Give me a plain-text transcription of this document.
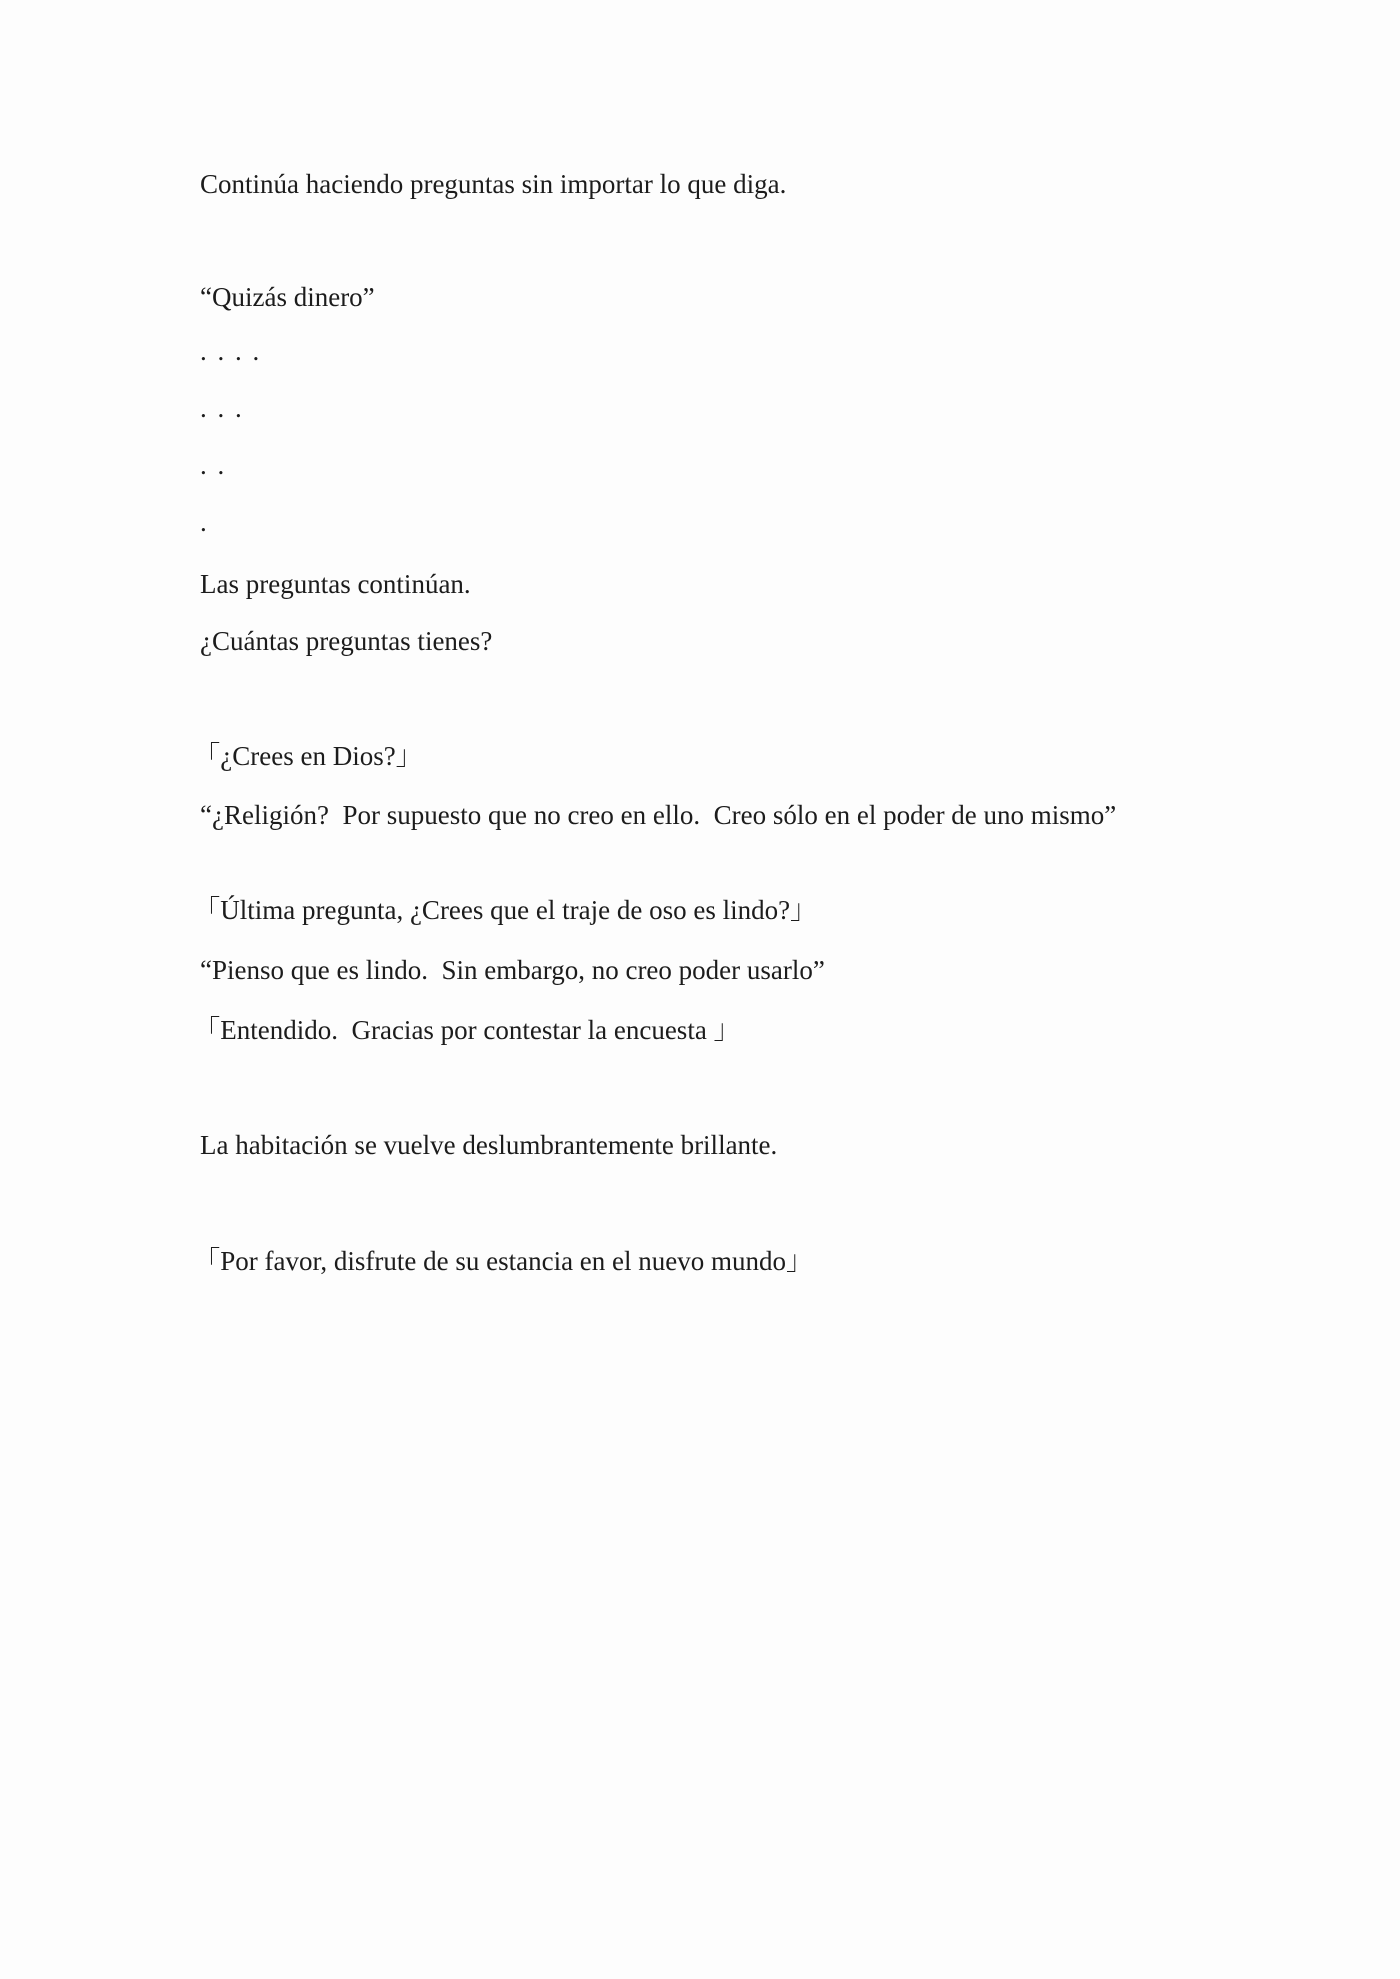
Continúa haciendo preguntas sin importar lo que diga.

“Quizás dinero”

. . . .

. . .

. .

.

Las preguntas continúan.

¿Cuántas preguntas tienes?

｢¿Crees en Dios?｣

“¿Religión?  Por supuesto que no creo en ello.  Creo sólo en el poder de uno mismo”

｢Última pregunta, ¿Crees que el traje de oso es lindo?｣

“Pienso que es lindo.  Sin embargo, no creo poder usarlo”

｢Entendido.  Gracias por contestar la encuesta ｣

La habitación se vuelve deslumbrantemente brillante.

｢Por favor, disfrute de su estancia en el nuevo mundo｣
